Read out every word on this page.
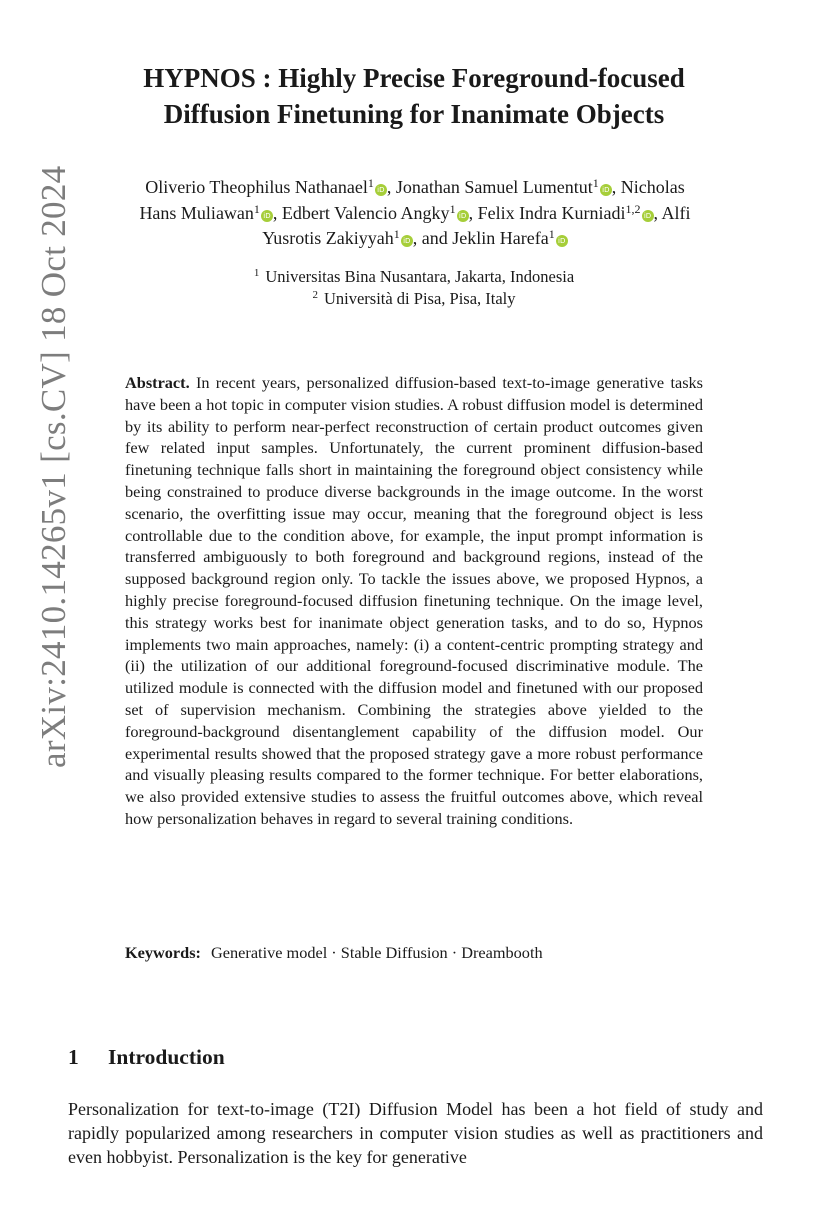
arXiv:2410.14265v1 [cs.CV] 18 Oct 2024
HYPNOS : Highly Precise Foreground-focused
Diffusion Finetuning for Inanimate Objects
Oliverio Theophilus Nathanael$^1$ iD , Jonathan Samuel Lumentut$^1$ iD , Nicholas
Hans Muliawan$^1$ iD , Edbert Valencio Angky$^1$ iD , Felix Indra Kurniadi$^{1,2}$ iD , Alfi
Yusrotis Zakiyyah$^1$ iD , and Jeklin Harefa$^1$ iD
$^1$ Universitas Bina Nusantara, Jakarta, Indonesia
$^2$ Università di Pisa, Pisa, Italy
Abstract. In recent years, personalized diffusion-based text-to-image generative tasks have been a hot topic in computer vision studies. A robust diffusion model is determined by its ability to perform near-perfect reconstruction of certain product outcomes given few related input samples. Unfortunately, the current prominent diffusion-based finetuning technique falls short in maintaining the foreground object consistency while being constrained to produce diverse backgrounds in the image outcome. In the worst scenario, the overfitting issue may occur, meaning that the foreground object is less controllable due to the condition above, for example, the input prompt information is transferred ambiguously to both foreground and background regions, instead of the supposed background region only. To tackle the issues above, we proposed Hypnos, a highly precise foreground-focused diffusion finetuning technique. On the image level, this strategy works best for inanimate object generation tasks, and to do so, Hypnos implements two main approaches, namely: (i) a content-centric prompting strategy and (ii) the utilization of our additional foreground-focused discriminative module. The utilized module is connected with the diffusion model and finetuned with our proposed set of supervision mechanism. Combining the strategies above yielded to the foreground-background disentanglement capability of the diffusion model. Our experimental results showed that the proposed strategy gave a more robust performance and visually pleasing results compared to the former technique. For better elaborations, we also provided extensive studies to assess the fruitful outcomes above, which reveal how personalization behaves in regard to several training conditions.
Keywords: Generative model · Stable Diffusion · Dreambooth
1 Introduction
Personalization for text-to-image (T2I) Diffusion Model has been a hot field of study and rapidly popularized among researchers in computer vision studies as well as practitioners and even hobbyist. Personalization is the key for generative
